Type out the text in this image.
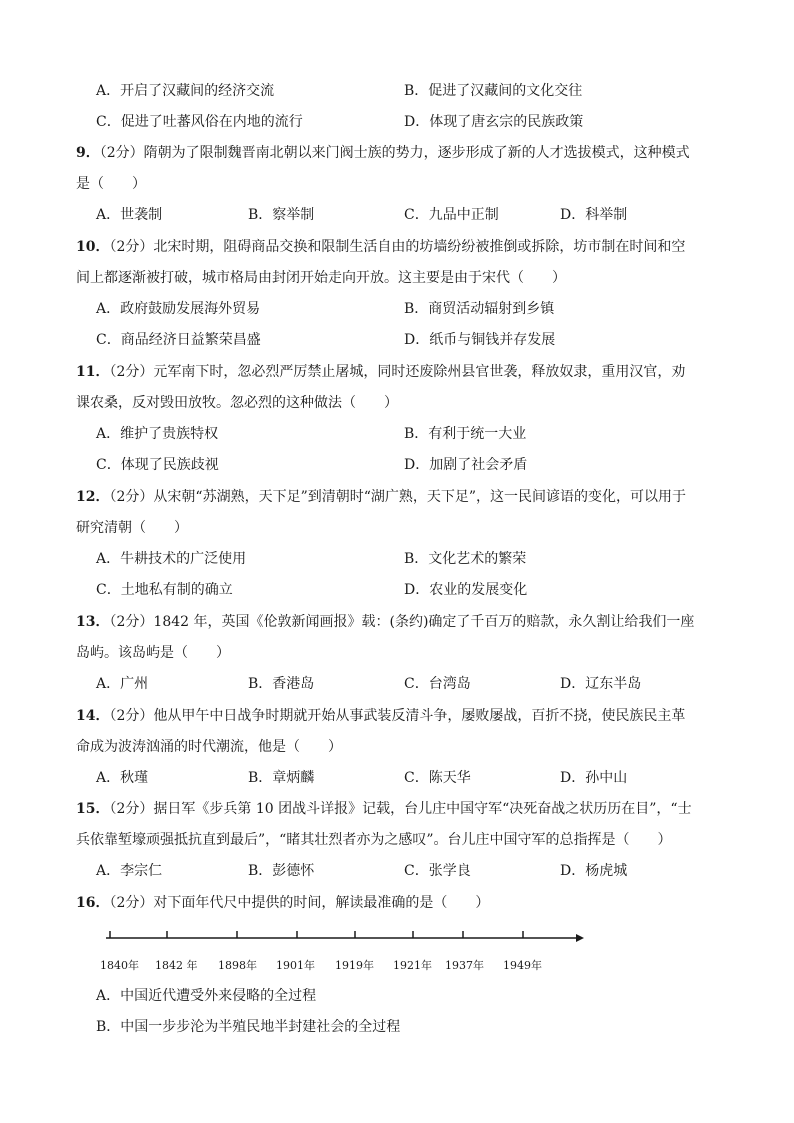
A．开启了汉藏间的经济交流	B．促进了汉藏间的文化交往
C．促进了吐蕃风俗在内地的流行	D．体现了唐玄宗的民族政策
9．（2分）隋朝为了限制魏晋南北朝以来门阀士族的势力，逐步形成了新的人才选拔模式，这种模式
是（　　）
A．世袭制	B．察举制	C．九品中正制	D．科举制
10．（2分）北宋时期，阻碍商品交换和限制生活自由的坊墙纷纷被推倒或拆除，坊市制在时间和空
间上都逐渐被打破，城市格局由封闭开始走向开放。这主要是由于宋代（　　）
A．政府鼓励发展海外贸易	B．商贸活动辐射到乡镇
C．商品经济日益繁荣昌盛	D．纸币与铜钱并存发展
11．（2分）元军南下时，忽必烈严厉禁止屠城，同时还废除州县官世袭，释放奴隶，重用汉官，劝
课农桑，反对毁田放牧。忽必烈的这种做法（　　）
A．维护了贵族特权	B．有利于统一大业
C．体现了民族歧视	D．加剧了社会矛盾
12．（2分）从宋朝“苏湖熟，天下足”到清朝时“湖广熟，天下足”，这一民间谚语的变化，可以用于
研究清朝（　　）
A．牛耕技术的广泛使用	B．文化艺术的繁荣
C．土地私有制的确立	D．农业的发展变化
13．（2分）1842 年，英国《伦敦新闻画报》载：(条约)确定了千百万的赔款，永久割让给我们一座
岛屿。该岛屿是（　　）
A．广州	B．香港岛	C．台湾岛	D．辽东半岛
14．（2分）他从甲午中日战争时期就开始从事武装反清斗争，屡败屡战，百折不挠，使民族民主革
命成为波涛汹涌的时代潮流，他是（　　）
A．秋瑾	B．章炳麟	C．陈天华	D．孙中山
15．（2分）据日军《步兵第 10 团战斗详报》记载，台儿庄中国守军“决死奋战之状历历在目”，“士
兵依靠堑壕顽强抵抗直到最后”，“睹其壮烈者亦为之感叹”。台儿庄中国守军的总指挥是（　　）
A．李宗仁	B．彭德怀	C．张学良	D．杨虎城
16．（2分）对下面年代尺中提供的时间，解读最准确的是（　　）
1840年 1842 年 1898年 1901年 1919年 1921年 1937年 1949年
A．中国近代遭受外来侵略的全过程
B．中国一步步沦为半殖民地半封建社会的全过程
